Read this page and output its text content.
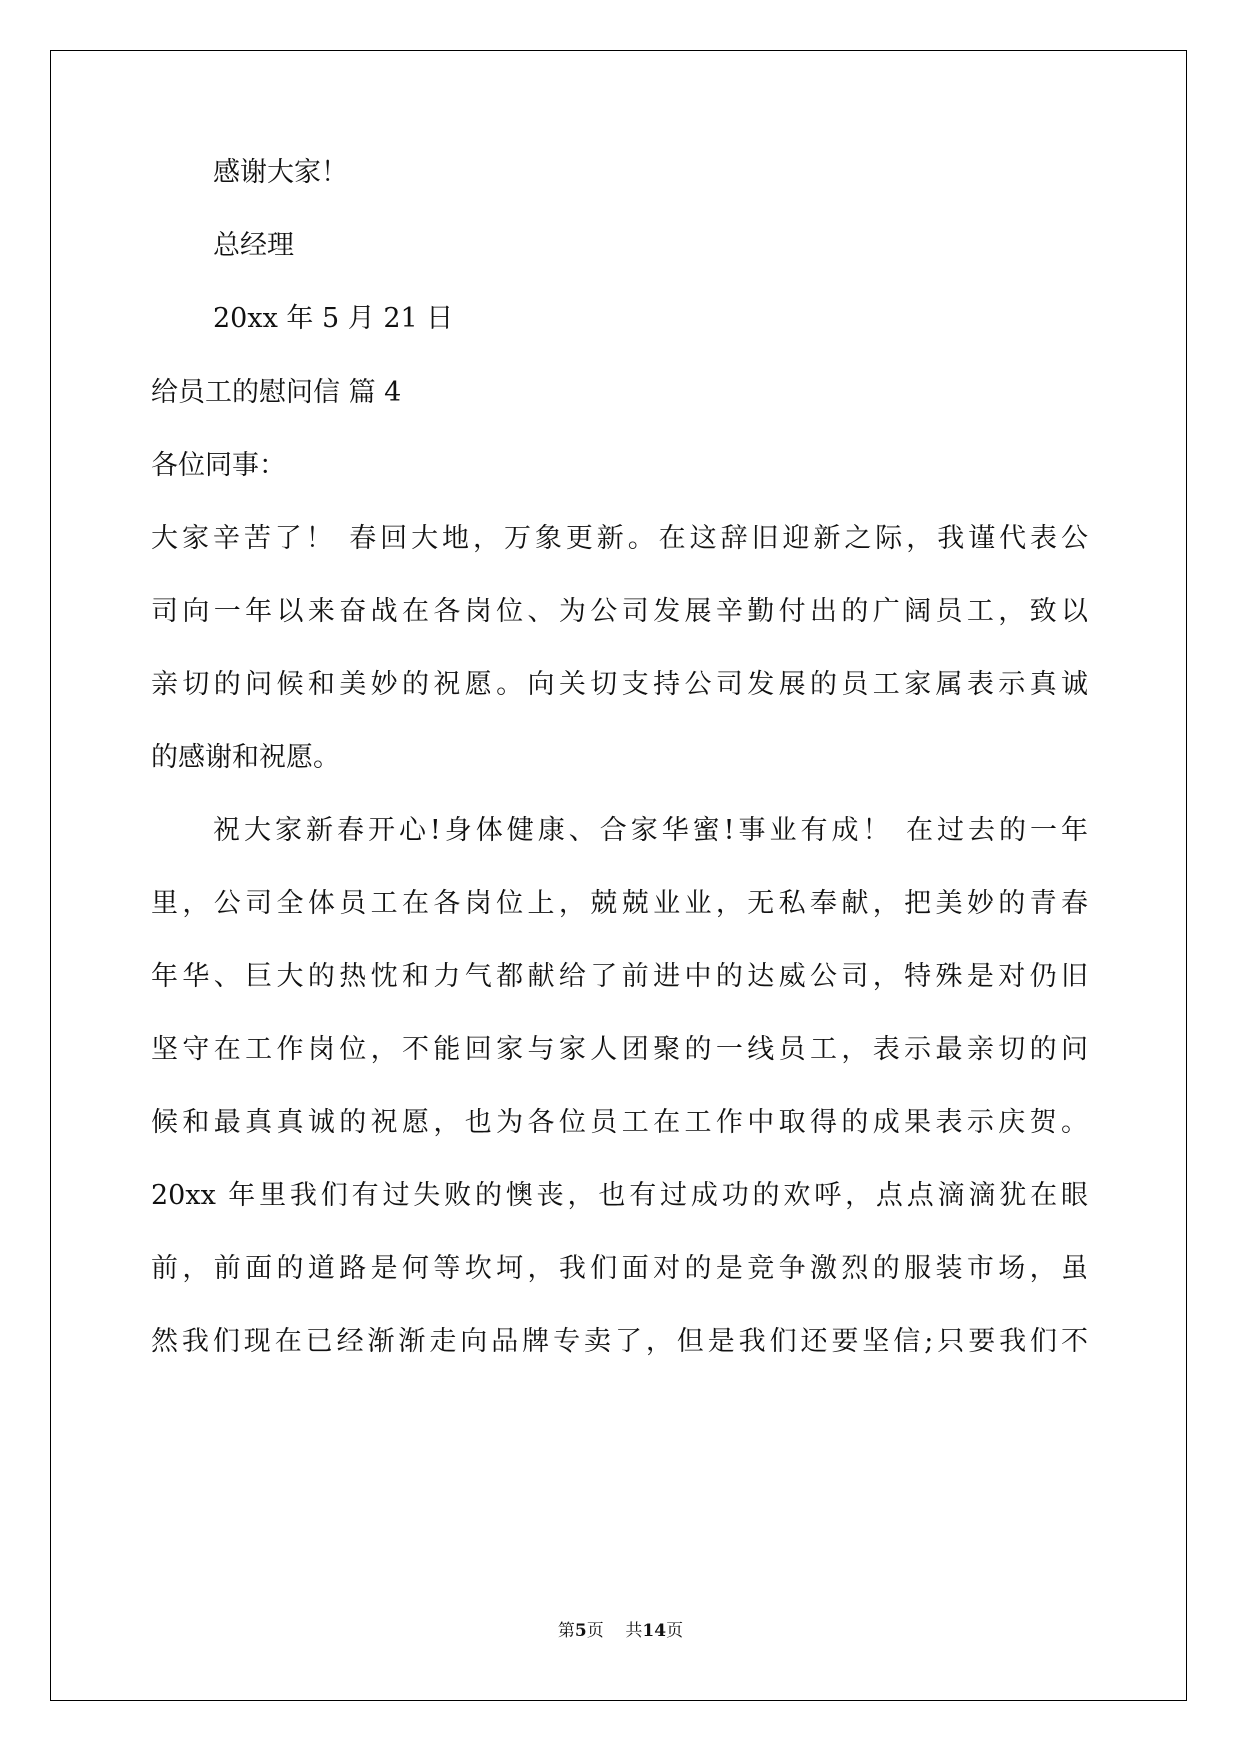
感谢大家！
总经理
20xx 年 5 月 21 日
给员工的慰问信 篇 4
各位同事：
大家辛苦了！ 春回大地，万象更新。在这辞旧迎新之际，我谨代表公
司向一年以来奋战在各岗位、为公司发展辛勤付出的广阔员工，致以
亲切的问候和美妙的祝愿。向关切支持公司发展的员工家属表示真诚
的感谢和祝愿。
祝大家新春开心!身体健康、合家华蜜!事业有成！ 在过去的一年
里，公司全体员工在各岗位上，兢兢业业，无私奉献，把美妙的青春
年华、巨大的热忱和力气都献给了前进中的达威公司，特殊是对仍旧
坚守在工作岗位，不能回家与家人团聚的一线员工，表示最亲切的问
候和最真真诚的祝愿，也为各位员工在工作中取得的成果表示庆贺。
20xx 年里我们有过失败的懊丧，也有过成功的欢呼，点点滴滴犹在眼
前，前面的道路是何等坎坷，我们面对的是竞争激烈的服装市场，虽
然我们现在已经渐渐走向品牌专卖了，但是我们还要坚信;只要我们不
第5页 共14页
